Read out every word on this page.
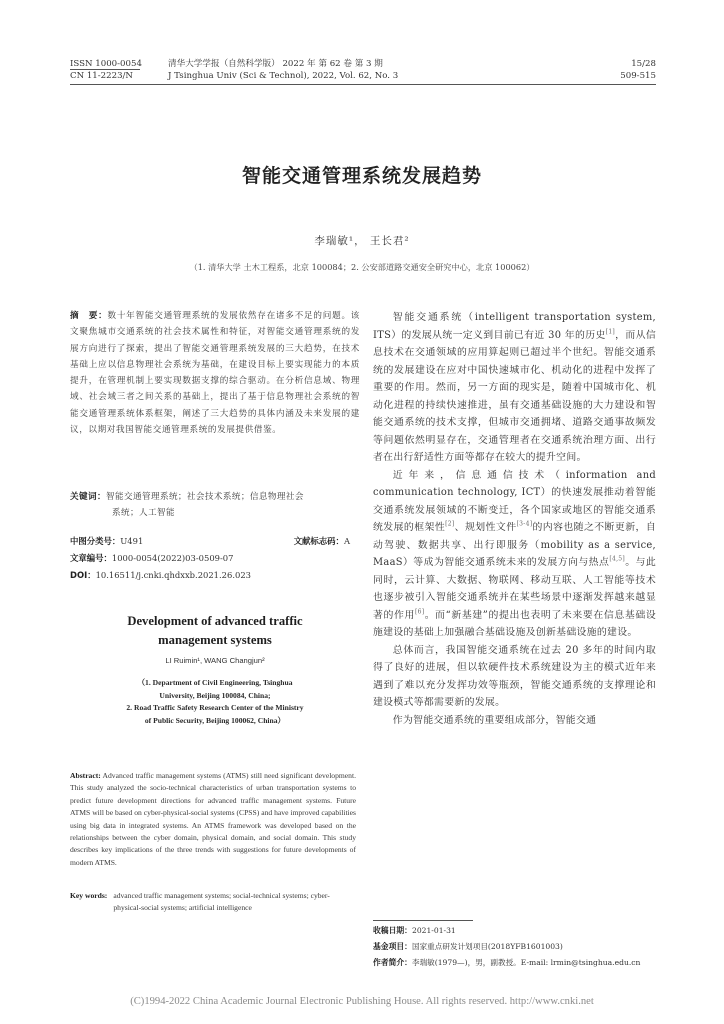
ISSN 1000-0054
CN 11-2223/N
清华大学学报（自然科学版） 2022 年 第 62 卷 第 3 期
J Tsinghua Univ (Sci & Technol), 2022, Vol. 62, No. 3
15/28
509-515
智能交通管理系统发展趋势
李瑞敏¹， 王长君²
（1. 清华大学 土木工程系，北京 100084；2. 公安部道路交通安全研究中心，北京 100062）
摘　要：数十年智能交通管理系统的发展依然存在诸多不足的问题。该文聚焦城市交通系统的社会技术属性和特征，对智能交通管理系统的发展方向进行了探索，提出了智能交通管理系统发展的三大趋势，在技术基础上应以信息物理社会系统为基础，在建设目标上要实现能力的本质提升，在管理机制上要实现数据支撑的综合驱动。在分析信息域、物理域、社会域三者之间关系的基础上，提出了基于信息物理社会系统的智能交通管理系统体系框架，阐述了三大趋势的具体内涵及未来发展的建议，以期对我国智能交通管理系统的发展提供借鉴。
关键词：智能交通管理系统；社会技术系统；信息物理社会
系统；人工智能
中图分类号：U491	文献标志码：A
文章编号：1000-0054(2022)03-0509-07
DOI：10.16511/j.cnki.qhdxxb.2021.26.023
Development of advanced traffic
management systems
LI Ruimin¹, WANG Changjun²
（1. Department of Civil Engineering, Tsinghua
University, Beijing 100084, China;
2. Road Traffic Safety Research Center of the Ministry
of Public Security, Beijing 100062, China）
Abstract: Advanced traffic management systems (ATMS) still need significant development. This study analyzed the socio-technical characteristics of urban transportation systems to predict future development directions for advanced traffic management systems. Future ATMS will be based on cyber-physical-social systems (CPSS) and have improved capabilities using big data in integrated systems. An ATMS framework was developed based on the relationships between the cyber domain, physical domain, and social domain. This study describes key implications of the three trends with suggestions for future developments of modern ATMS.
Key words: advanced traffic management systems; social-technical systems; cyber-physical-social systems; artificial intelligence

智能交通系统（intelligent transportation system, ITS）的发展从统一定义到目前已有近 30 年的历史[1]，而从信息技术在交通领域的应用算起则已超过半个世纪。智能交通系统的发展建设在应对中国快速城市化、机动化的进程中发挥了重要的作用。然而，另一方面的现实是，随着中国城市化、机动化进程的持续快速推进，虽有交通基础设施的大力建设和智能交通系统的技术支撑，但城市交通拥堵、道路交通事故频发等问题依然明显存在，交通管理者在交通系统治理方面、出行者在出行舒适性方面等都存在较大的提升空间。

近年来，信息通信技术（information and communication technology, ICT）的快速发展推动着智能交通系统发展领域的不断变迁，各个国家或地区的智能交通系统发展的框架性[2]、规划性文件[3-4]的内容也随之不断更新，自动驾驶、数据共享、出行即服务（mobility as a service, MaaS）等成为智能交通系统未来的发展方向与热点[4,5]。与此同时，云计算、大数据、物联网、移动互联、人工智能等技术也逐步被引入智能交通系统并在某些场景中逐渐发挥越来越显著的作用[6]。而“新基建”的提出也表明了未来要在信息基础设施建设的基础上加强融合基础设施及创新基础设施的建设。

总体而言，我国智能交通系统在过去 20 多年的时间内取得了良好的进展，但以软硬件技术系统建设为主的模式近年来遇到了难以充分发挥功效等瓶颈，智能交通系统的支撑理论和建设模式等都需要新的发展。

作为智能交通系统的重要组成部分，智能交通

收稿日期：2021-01-31
基金项目：国家重点研发计划项目(2018YFB1601003)
作者简介：李瑞敏(1979—)，男，副教授。E-mail: lrmin@tsinghua.edu.cn
(C)1994-2022 China Academic Journal Electronic Publishing House. All rights reserved. http://www.cnki.net
